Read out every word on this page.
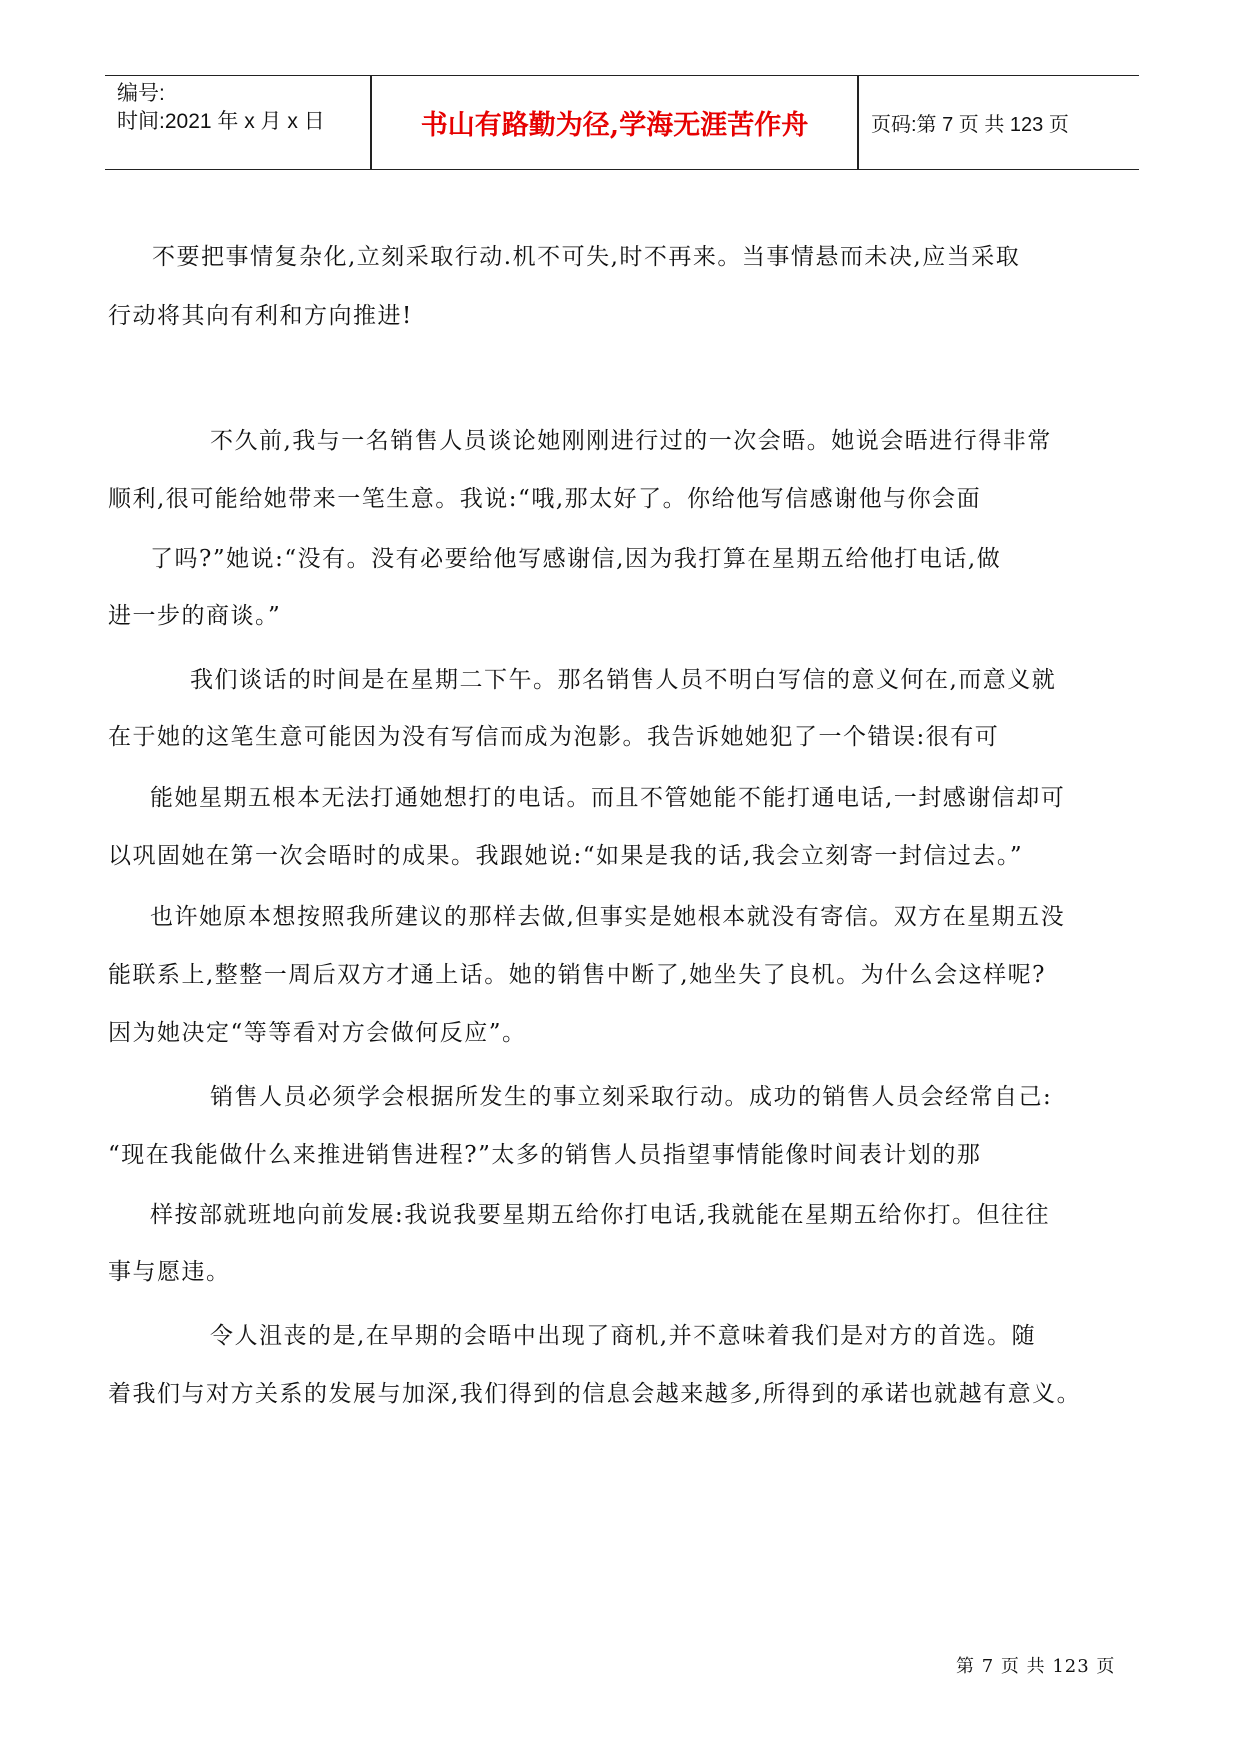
编号:
时间:2021 年 x 月 x 日	书山有路勤为径,学海无涯苦作舟	页码:第 7 页 共 123 页
不要把事情复杂化,立刻采取行动.机不可失,时不再来。当事情悬而未决,应当采取
行动将其向有利和方向推进!
不久前,我与一名销售人员谈论她刚刚进行过的一次会晤。她说会晤进行得非常
顺利,很可能给她带来一笔生意。我说:“哦,那太好了。你给他写信感谢他与你会面
了吗?”她说:“没有。没有必要给他写感谢信,因为我打算在星期五给他打电话,做
进一步的商谈。”
我们谈话的时间是在星期二下午。那名销售人员不明白写信的意义何在,而意义就
在于她的这笔生意可能因为没有写信而成为泡影。我告诉她她犯了一个错误:很有可
能她星期五根本无法打通她想打的电话。而且不管她能不能打通电话,一封感谢信却可
以巩固她在第一次会晤时的成果。我跟她说:“如果是我的话,我会立刻寄一封信过去。”
也许她原本想按照我所建议的那样去做,但事实是她根本就没有寄信。双方在星期五没
能联系上,整整一周后双方才通上话。她的销售中断了,她坐失了良机。为什么会这样呢?
因为她决定“等等看对方会做何反应”。
销售人员必须学会根据所发生的事立刻采取行动。成功的销售人员会经常自己:
“现在我能做什么来推进销售进程?”太多的销售人员指望事情能像时间表计划的那
样按部就班地向前发展:我说我要星期五给你打电话,我就能在星期五给你打。但往往
事与愿违。
令人沮丧的是,在早期的会晤中出现了商机,并不意味着我们是对方的首选。随
着我们与对方关系的发展与加深,我们得到的信息会越来越多,所得到的承诺也就越有意义。
第 7 页 共 123 页
